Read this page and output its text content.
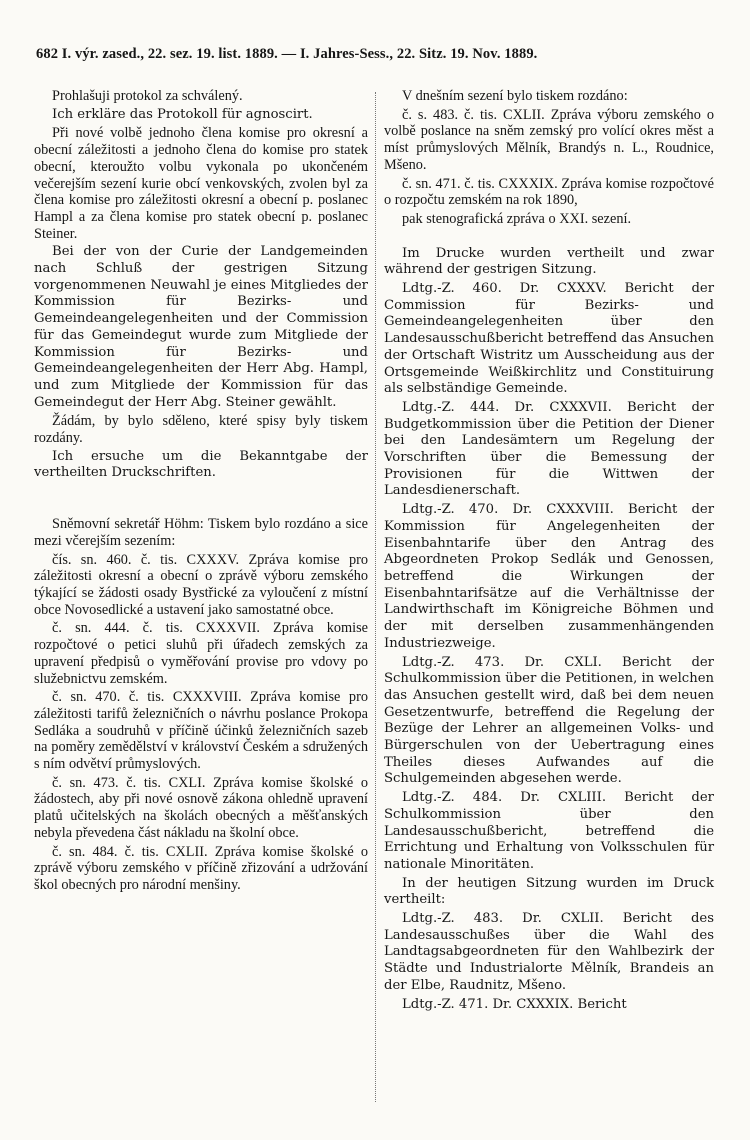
682 I. výr. zased., 22. sez. 19. list. 1889. — I. Jahres-Sess., 22. Sitz. 19. Nov. 1889.

Prohlašuji protokol za schválený.

Ich erkläre das Protokoll für agnoscirt.

Při nové volbě jednoho člena komise pro okresní a obecní záležitosti a jednoho člena do komise pro statek obecní, kteroužto volbu vykonala po ukončeném večerejším sezení kurie obcí venkovských, zvolen byl za člena komise pro záležitosti okresní a obecní p. poslanec Hampl a za člena komise pro statek obecní p. poslanec Steiner.

Bei der von der Curie der Landgemeinden nach Schluß der gestrigen Sitzung vorgenommenen Neuwahl je eines Mitgliedes der Kommission für Bezirks- und Gemeindeangelegenheiten und der Commission für das Gemeindegut wurde zum Mitgliede der Kommission für Bezirks- und Gemeindeangelegenheiten der Herr Abg. Hampl, und zum Mitgliede der Kommission für das Gemeindegut der Herr Abg. Steiner gewählt.

Žádám, by bylo sděleno, které spisy byly tiskem rozdány.

Ich ersuche um die Bekanntgabe der vertheilten Druckschriften.

Sněmovní sekretář Höhm: Tiskem bylo rozdáno a sice mezi včerejším sezením:

čís. sn. 460. č. tis. CXXXV. Zpráva komise pro záležitosti okresní a obecní o zprávě výboru zemského týkající se žádosti osady Bystřické za vyloučení z místní obce Novosedlické a ustavení jako samostatné obce.

č. sn. 444. č. tis. CXXXVII. Zpráva komise rozpočtové o petici sluhů při úřadech zemských za upravení předpisů o vyměřování provise pro vdovy po služebnictvu zemském.

č. sn. 470. č. tis. CXXXVIII. Zpráva komise pro záležitosti tarifů železničních o návrhu poslance Prokopa Sedláka a soudruhů v příčině účinků železničních sazeb na poměry zemědělství v království Českém a sdružených s ním odvětví průmyslových.

č. sn. 473. č. tis. CXLI. Zpráva komise školské o žádostech, aby při nové osnově zákona ohledně upravení platů učitelských na školách obecných a měšťanských nebyla převedena část nákladu na školní obce.

č. sn. 484. č. tis. CXLII. Zpráva komise školské o zprávě výboru zemského v příčině zřizování a udržování škol obecných pro národní menšiny.

V dnešním sezení bylo tiskem rozdáno:

č. s. 483. č. tis. CXLII. Zpráva výboru zemského o volbě poslance na sněm zemský pro volící okres měst a míst průmyslových Mělník, Brandýs n. L., Roudnice, Mšeno.

č. sn. 471. č. tis. CXXXIX. Zpráva komise rozpočtové o rozpočtu zemském na rok 1890,

pak stenografická zpráva o XXI. sezení.

Im Drucke wurden vertheilt und zwar während der gestrigen Sitzung.

Ldtg.-Z. 460. Dr. CXXXV. Bericht der Commission für Bezirks- und Gemeindeangelegenheiten über den Landesausschußbericht betreffend das Ansuchen der Ortschaft Wistritz um Ausscheidung aus der Ortsgemeinde Weißkirchlitz und Constituirung als selbständige Gemeinde.

Ldtg.-Z. 444. Dr. CXXXVII. Bericht der Budgetkommission über die Petition der Diener bei den Landesämtern um Regelung der Vorschriften über die Bemessung der Provisionen für die Wittwen der Landesdienerschaft.

Ldtg.-Z. 470. Dr. CXXXVIII. Bericht der Kommission für Angelegenheiten der Eisenbahntarife über den Antrag des Abgeordneten Prokop Sedlák und Genossen, betreffend die Wirkungen der Eisenbahntarifsätze auf die Verhältnisse der Landwirthschaft im Königreiche Böhmen und der mit derselben zusammenhängenden Industriezweige.

Ldtg.-Z. 473. Dr. CXLI. Bericht der Schulkommission über die Petitionen, in welchen das Ansuchen gestellt wird, daß bei dem neuen Gesetzentwurfe, betreffend die Regelung der Bezüge der Lehrer an allgemeinen Volks- und Bürgerschulen von der Uebertragung eines Theiles dieses Aufwandes auf die Schulgemeinden abgesehen werde.

Ldtg.-Z. 484. Dr. CXLIII. Bericht der Schulkommission über den Landesausschußbericht, betreffend die Errichtung und Erhaltung von Volksschulen für nationale Minoritäten.

In der heutigen Sitzung wurden im Druck vertheilt:

Ldtg.-Z. 483. Dr. CXLII. Bericht des Landesausschußes über die Wahl des Landtagsabgeordneten für den Wahlbezirk der Städte und Industrialorte Mělník, Brandeis an der Elbe, Raudnitz, Mšeno.

Ldtg.-Z. 471. Dr. CXXXIX. Bericht
